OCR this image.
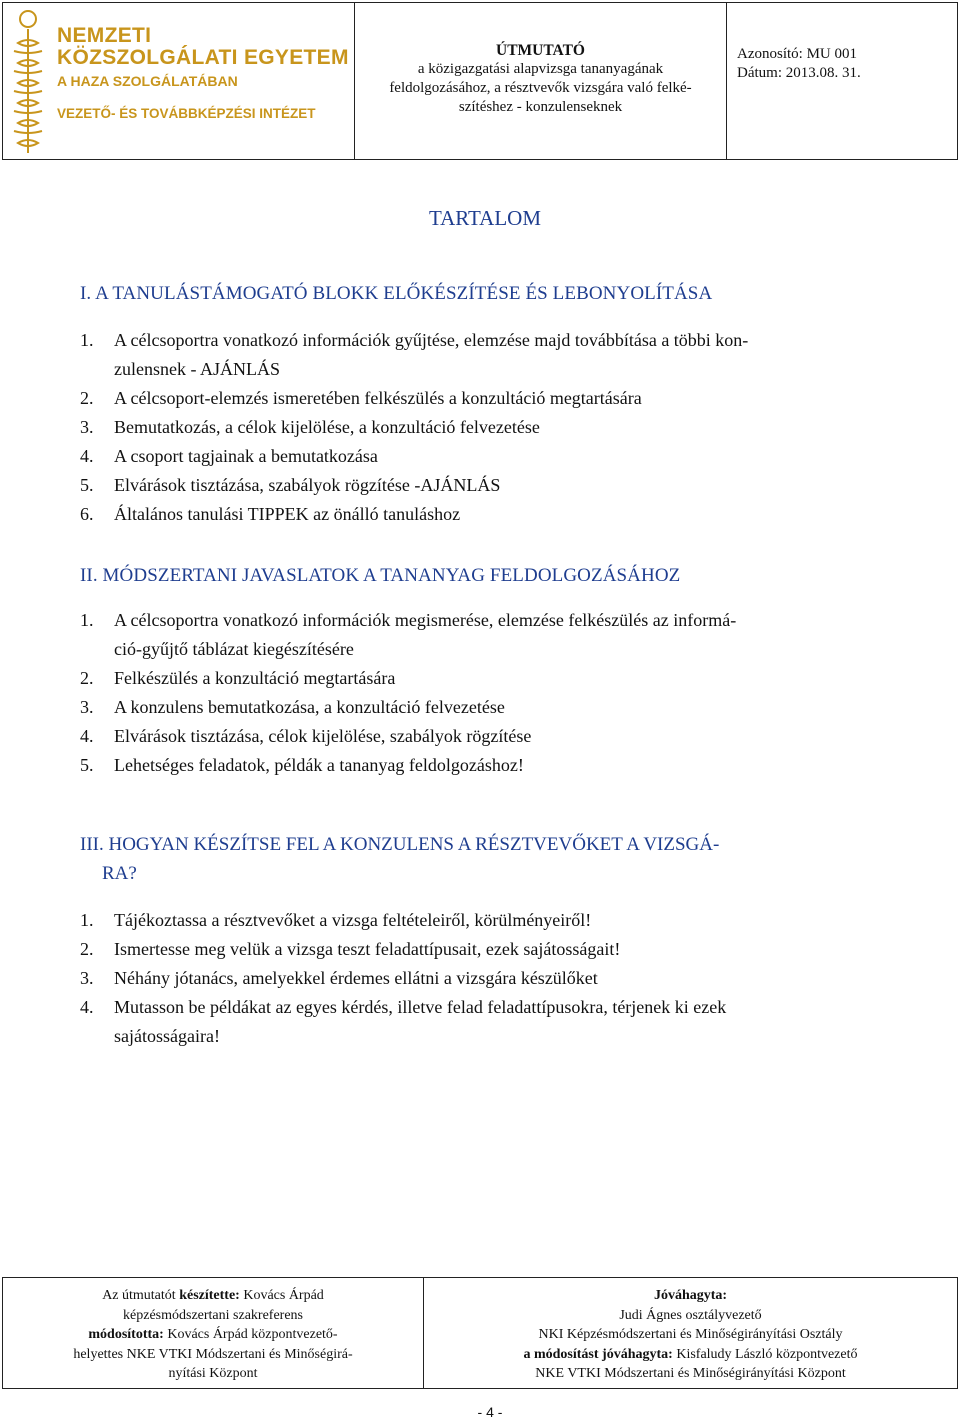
NEMZETI
KÖZSZOLGÁLATI EGYETEM
A HAZA SZOLGÁLATÁBAN
VEZETŐ- ÉS TOVÁBBKÉPZÉSI INTÉZET
ÚTMUTATÓ
a közigazgatási alapvizsga tananyagának
feldolgozásához, a résztvevők vizsgára való felké-
szítéshez - konzulenseknek
Azonosító: MU 001
Dátum: 2013.08. 31.
TARTALOM
I. A TANULÁSTÁMOGATÓ BLOKK ELŐKÉSZÍTÉSE ÉS LEBONYOLÍTÁSA
1.	A célcsoportra vonatkozó információk gyűjtése, elemzése majd továbbítása a többi kon-
zulensnek - AJÁNLÁS
2.	A célcsoport-elemzés ismeretében felkészülés a konzultáció megtartására
3.	Bemutatkozás, a célok kijelölése, a konzultáció felvezetése
4.	A csoport tagjainak a bemutatkozása
5.	Elvárások tisztázása, szabályok rögzítése -AJÁNLÁS
6.	Általános tanulási TIPPEK az önálló tanuláshoz
II. MÓDSZERTANI JAVASLATOK A TANANYAG FELDOLGOZÁSÁHOZ
1.	A célcsoportra vonatkozó információk megismerése, elemzése felkészülés az informá-
ció-gyűjtő táblázat kiegészítésére
2.	Felkészülés a konzultáció megtartására
3.	A konzulens bemutatkozása, a konzultáció felvezetése
4.	Elvárások tisztázása, célok kijelölése, szabályok rögzítése
5.	Lehetséges feladatok, példák a tananyag feldolgozáshoz!
III. HOGYAN KÉSZÍTSE FEL A KONZULENS A RÉSZTVEVŐKET A VIZSGÁ-
RA?
1.	Tájékoztassa a résztvevőket a vizsga feltételeiről, körülményeiről!
2.	Ismertesse meg velük a vizsga teszt feladattípusait, ezek sajátosságait!
3.	Néhány jótanács, amelyekkel érdemes ellátni a vizsgára készülőket
4.	Mutasson be példákat az egyes kérdés, illetve felad feladattípusokra, térjenek ki ezek
sajátosságaira!
Az útmutatót készítette: Kovács Árpád
képzésmódszertani szakreferens
módosította: Kovács Árpád központvezető-
helyettes NKE VTKI Módszertani és Minőségirá-
nyítási Központ
Jóváhagyta:
Judi Ágnes osztályvezető
NKI Képzésmódszertani és Minőségirányítási Osztály
a módosítást jóváhagyta: Kisfaludy László központvezető
NKE VTKI Módszertani és Minőségirányítási Központ
- 4 -
